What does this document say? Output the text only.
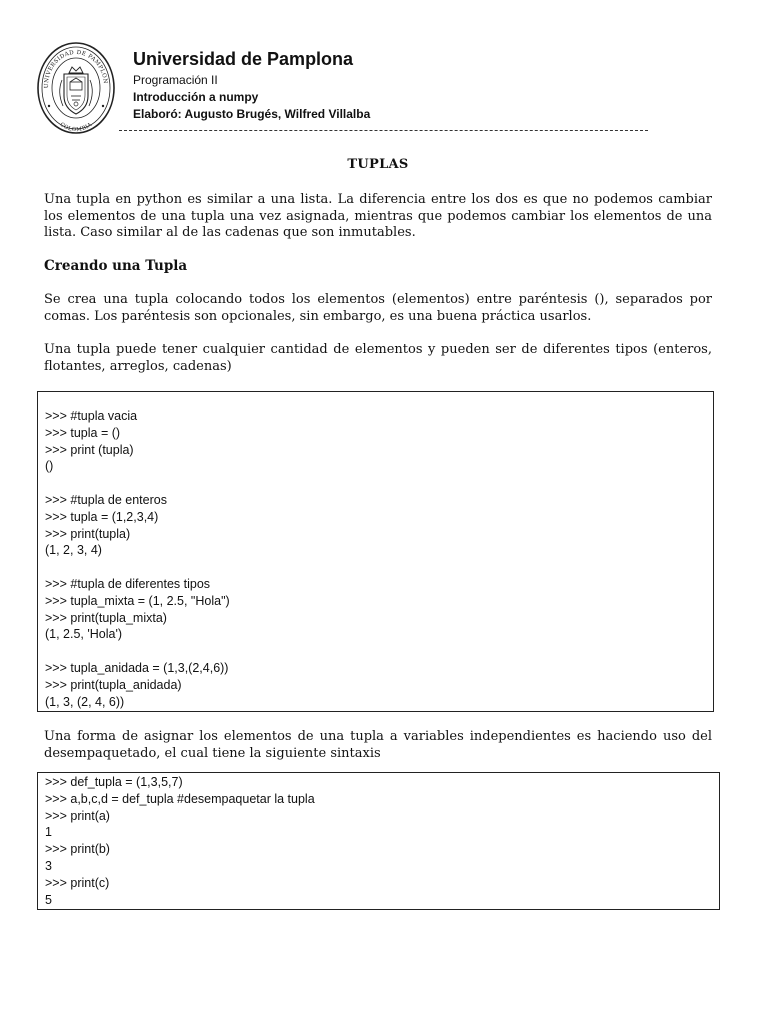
UNIVERSIDAD DE PAMPLON
COLOMBIA
Universidad de Pamplona
Programación II
Introducción a numpy
Elaboró: Augusto Brugés, Wilfred Villalba
TUPLAS

Una tupla en python es similar a una lista. La diferencia entre los dos es que no podemos cambiar los elementos de una tupla una vez asignada, mientras que podemos cambiar los elementos de una lista. Caso similar al de las cadenas que son inmutables.

Creando una Tupla

Se crea una tupla colocando todos los elementos (elementos) entre paréntesis (), separados por comas. Los paréntesis son opcionales, sin embargo, es una buena práctica usarlos.

Una tupla puede tener cualquier cantidad de elementos y pueden ser de diferentes tipos (enteros, flotantes, arreglos, cadenas)

>>> #tupla vacia
>>> tupla = ()
>>> print (tupla)
()
>>> #tupla de enteros
>>> tupla = (1,2,3,4)
>>> print(tupla)
(1, 2, 3, 4)
>>> #tupla de diferentes tipos
>>> tupla_mixta = (1, 2.5, "Hola")
>>> print(tupla_mixta)
(1, 2.5, 'Hola')
>>> tupla_anidada = (1,3,(2,4,6))
>>> print(tupla_anidada)
(1, 3, (2, 4, 6))

Una forma de asignar los elementos de una tupla a variables independientes es haciendo uso del desempaquetado, el cual tiene la siguiente sintaxis

>>> def_tupla = (1,3,5,7)
>>> a,b,c,d = def_tupla #desempaquetar la tupla
>>> print(a)
1
>>> print(b)
3
>>> print(c)
5
